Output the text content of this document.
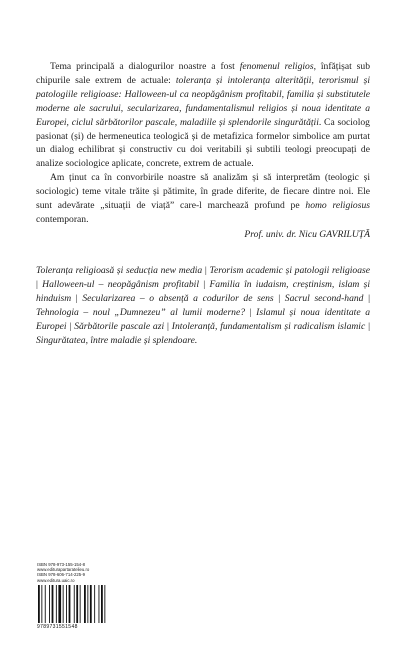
Tema principală a dialogurilor noastre a fost fenomenul religios, înfățișat sub chipurile sale extrem de actuale: toleranța și intoleranța alterității, terorismul și patologiile religioase: Halloween-ul ca neopăgânism profitabil, familia și substitutele moderne ale sacrului, secularizarea, fundamentalismul religios și noua identitate a Europei, ciclul sărbătorilor pascale, maladiile și splendorile singurătății. Ca sociolog pasionat (și) de hermeneutica teologică și de metafizica formelor simbolice am purtat un dialog echilibrat și constructiv cu doi veritabili și subtili teologi preocupați de analize sociologice aplicate, concrete, extrem de actuale.

Am ținut ca în convorbirile noastre să analizăm și să interpretăm (teologic și sociologic) teme vitale trăite și pătimite, în grade diferite, de fiecare dintre noi. Ele sunt adevărate „situații de viață” care-l marchează profund pe homo religiosus contemporan.

Prof. univ. dr. Nicu GAVRILUȚĂ
Toleranța religioasă și seducția new media | Terorism academic și patologii religioase | Halloween-ul – neopăgânism profitabil | Familia în iudaism, creștinism, islam și hinduism | Secularizarea – o absență a codurilor de sens | Sacrul second-hand | Tehnologia – noul „Dumnezeu” al lumii moderne? | Islamul și noua identitate a Europei | Sărbătorile pascale azi | Intoleranță, fundamentalism și radicalism islamic | Singurătatea, între maladie și splendoare.
ISBN 978-973-155-154-8
www.editurapartaratelieu.ro
ISBN 978-606-714-225-9
www.editura.uaic.ro
9789731551548
